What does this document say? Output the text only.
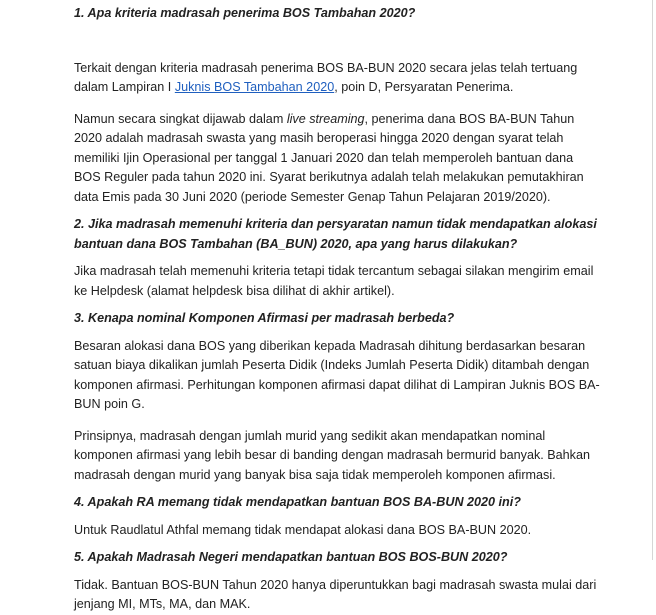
1. Apa kriteria madrasah penerima BOS Tambahan 2020?

Terkait dengan kriteria madrasah penerima BOS BA-BUN 2020 secara jelas telah tertuang dalam Lampiran I Juknis BOS Tambahan 2020, poin D, Persyaratan Penerima.

Namun secara singkat dijawab dalam live streaming, penerima dana BOS BA-BUN Tahun 2020 adalah madrasah swasta yang masih beroperasi hingga 2020 dengan syarat telah memiliki Ijin Operasional per tanggal 1 Januari 2020 dan telah memperoleh bantuan dana BOS Reguler pada tahun 2020 ini. Syarat berikutnya adalah telah melakukan pemutakhiran data Emis pada 30 Juni 2020 (periode Semester Genap Tahun Pelajaran 2019/2020).

2. Jika madrasah memenuhi kriteria dan persyaratan namun tidak mendapatkan alokasi bantuan dana BOS Tambahan (BA_BUN) 2020, apa yang harus dilakukan?

Jika madrasah telah memenuhi kriteria tetapi tidak tercantum sebagai silakan mengirim email ke Helpdesk (alamat helpdesk bisa dilihat di akhir artikel).

3. Kenapa nominal Komponen Afirmasi per madrasah berbeda?

Besaran alokasi dana BOS yang diberikan kepada Madrasah dihitung berdasarkan besaran satuan biaya dikalikan jumlah Peserta Didik (Indeks Jumlah Peserta Didik) ditambah dengan komponen afirmasi. Perhitungan komponen afirmasi dapat dilihat di Lampiran Juknis BOS BA-BUN poin G.

Prinsipnya, madrasah dengan jumlah murid yang sedikit akan mendapatkan nominal komponen afirmasi yang lebih besar di banding dengan madrasah bermurid banyak. Bahkan madrasah dengan murid yang banyak bisa saja tidak memperoleh komponen afirmasi.

4. Apakah RA memang tidak mendapatkan bantuan BOS BA-BUN 2020 ini?

Untuk Raudlatul Athfal memang tidak mendapat alokasi dana BOS BA-BUN 2020.

5. Apakah Madrasah Negeri mendapatkan bantuan BOS BOS-BUN 2020?

Tidak. Bantuan BOS-BUN Tahun 2020 hanya diperuntukkan bagi madrasah swasta mulai dari jenjang MI, MTs, MA, dan MAK.
